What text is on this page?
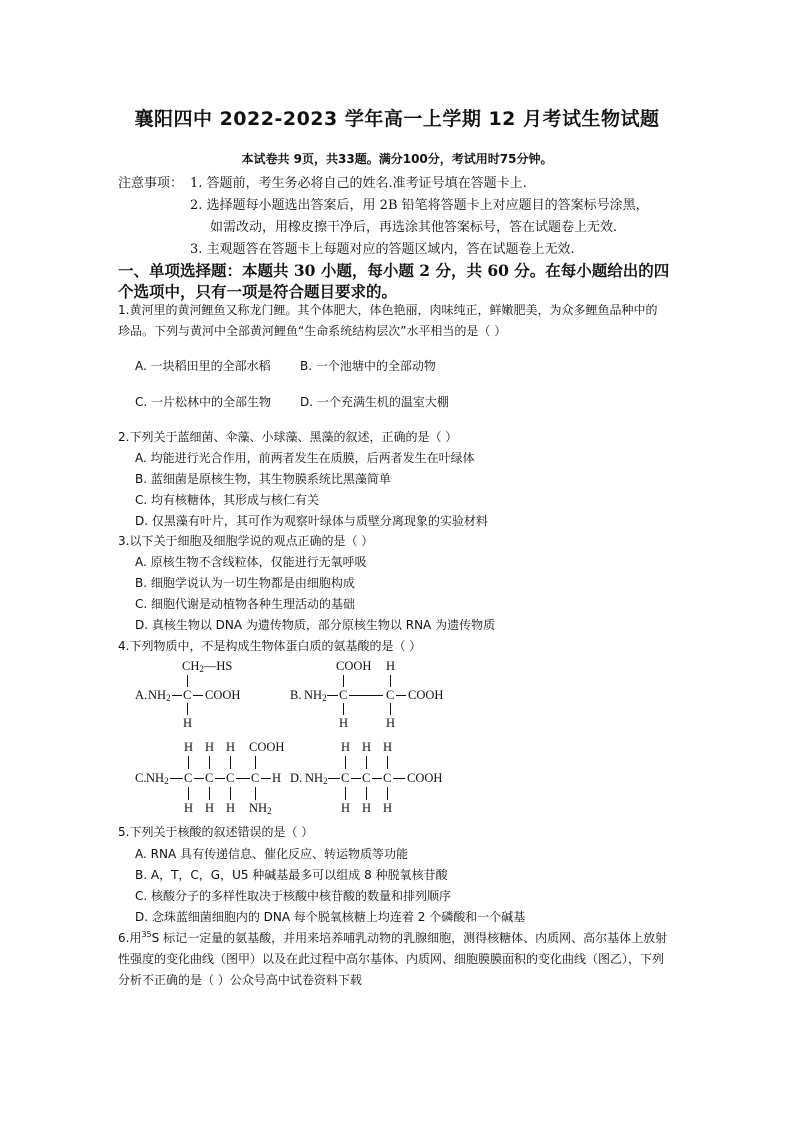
襄阳四中 2022-2023 学年高一上学期 12 月考试生物试题
本试卷共 9页，共33题。满分100分，考试用时75分钟。
注意事项： 1. 答题前，考生务必将自己的姓名.准考证号填在答题卡上.
2. 选择题每小题选出答案后，用 2B 铅笔将答题卡上对应题目的答案标号涂黑，
如需改动，用橡皮擦干净后，再选涂其他答案标号，答在试题卷上无效.
3. 主观题答在答题卡上每题对应的答题区域内，答在试题卷上无效.
一、单项选择题：本题共 30 小题，每小题 2 分，共 60 分。在每小题给出的四
个选项中，只有一项是符合题目要求的。
1.黄河里的黄河鲤鱼又称龙门鲤。其个体肥大，体色艳丽，肉味纯正，鲜嫩肥美，为众多鲤鱼品种中的
珍品。下列与黄河中全部黄河鲤鱼“生命系统结构层次”水平相当的是（ ）
A. 一块稻田里的全部水稻 B. 一个池塘中的全部动物
C. 一片松林中的全部生物 D. 一个充满生机的温室大棚
2.下列关于蓝细菌、伞藻、小球藻、黑藻的叙述，正确的是（ ）
A. 均能进行光合作用，前两者发生在质膜，后两者发生在叶绿体
B. 蓝细菌是原核生物，其生物膜系统比黑藻简单
C. 均有核糖体，其形成与核仁有关
D. 仅黑藻有叶片，其可作为观察叶绿体与质壁分离现象的实验材料
3.以下关于细胞及细胞学说的观点正确的是（ ）
A. 原核生物不含线粒体，仅能进行无氧呼吸
B. 细胞学说认为一切生物都是由细胞构成
C. 细胞代谢是动植物各种生理活动的基础
D. 真核生物以 DNA 为遗传物质，部分原核生物以 RNA 为遗传物质
4.下列物质中，不是构成生物体蛋白质的氨基酸的是（ ）
A. $NH_2$
$CH_2—HS$
C COOH
H
B. $NH_2$
COOH
C
H
C COOH
H	H
C. $NH_2$
H H H COOH
C C C C H
H H H $NH_2$
D. $NH_2$
H H H
C C C COOH
H H H
5.下列关于核酸的叙述错误的是（ ）
A. RNA 具有传递信息、催化反应、转运物质等功能
B. A，T，C，G，U5 种碱基最多可以组成 8 种脱氧核苷酸
C. 核酸分子的多样性取决于核酸中核苷酸的数量和排列顺序
D. 念珠蓝细菌细胞内的 DNA 每个脱氧核糖上均连着 2 个磷酸和一个碱基
6.用$^{35}$S 标记一定量的氨基酸，并用来培养哺乳动物的乳腺细胞，测得核糖体、内质网、高尔基体上放射
性强度的变化曲线（图甲）以及在此过程中高尔基体、内质网、细胞膜膜面积的变化曲线（图乙），下列
分析不正确的是（ ）公众号高中试卷资料下载
